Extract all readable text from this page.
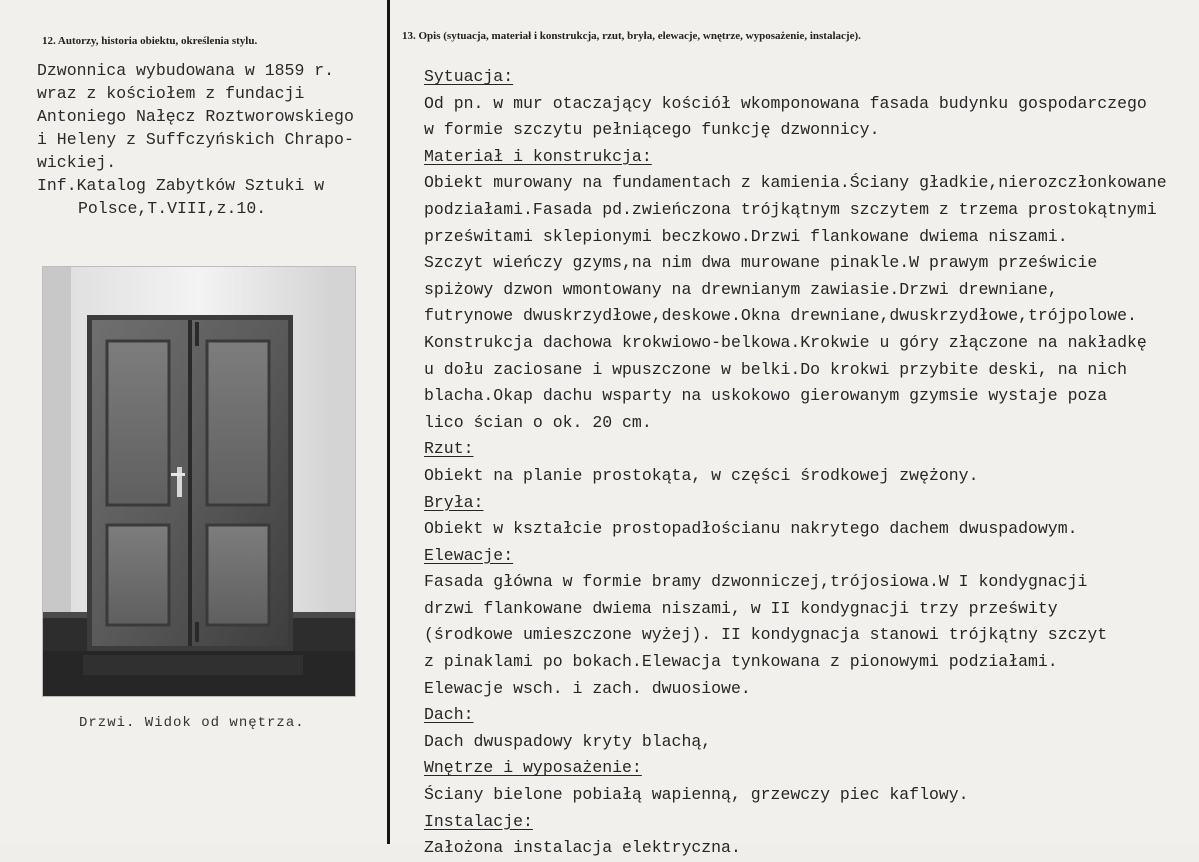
12. Autorzy, historia obiektu, określenia stylu.	13. Opis (sytuacja, materiał i konstrukcja, rzut, bryła, elewacje, wnętrze, wyposażenie, instalacje).
Dzwonnica wybudowana w 1859 r.
wraz z kościołem z fundacji
Antoniego Nałęcz Roztworowskiego
i Heleny z Suffczyńskich Chrapo-
wickiej.
Inf.Katalog Zabytków Sztuki w
Polsce,T.VIII,z.10.
Drzwi. Widok od wnętrza.
Sytuacja:
Od pn. w mur otaczający kościół wkomponowana fasada budynku gospodarczego
w formie szczytu pełniącego funkcję dzwonnicy.
Materiał i konstrukcja:
Obiekt murowany na fundamentach z kamienia.Ściany gładkie,nierozczłonkowane
podziałami.Fasada pd.zwieńczona trójkątnym szczytem z trzema prostokątnymi
prześwitami sklepionymi beczkowo.Drzwi flankowane dwiema niszami.
Szczyt wieńczy gzyms,na nim dwa murowane pinakle.W prawym prześwicie
spiżowy dzwon wmontowany na drewnianym zawiasie.Drzwi drewniane,
futrynowe dwuskrzydłowe,deskowe.Okna drewniane,dwuskrzydłowe,trójpolowe.
Konstrukcja dachowa krokwiowo-belkowa.Krokwie u góry złączone na nakładkę
u dołu zaciosane i wpuszczone w belki.Do krokwi przybite deski, na nich
blacha.Okap dachu wsparty na uskokowo gierowanym gzymsie wystaje poza
lico ścian o ok. 20 cm.
Rzut:
Obiekt na planie prostokąta, w części środkowej zwężony.
Bryła:
Obiekt w kształcie prostopadłościanu nakrytego dachem dwuspadowym.
Elewacje:
Fasada główna w formie bramy dzwonniczej,trójosiowa.W I kondygnacji
drzwi flankowane dwiema niszami, w II kondygnacji trzy prześwity
(środkowe umieszczone wyżej). II kondygnacja stanowi trójkątny szczyt
z pinaklami po bokach.Elewacja tynkowana z pionowymi podziałami.
Elewacje wsch. i zach. dwuosiowe.
Dach:
Dach dwuspadowy kryty blachą,
Wnętrze i wyposażenie:
Ściany bielone pobiałą wapienną, grzewczy piec kaflowy.
Instalacje:
Założona instalacja elektryczna.
